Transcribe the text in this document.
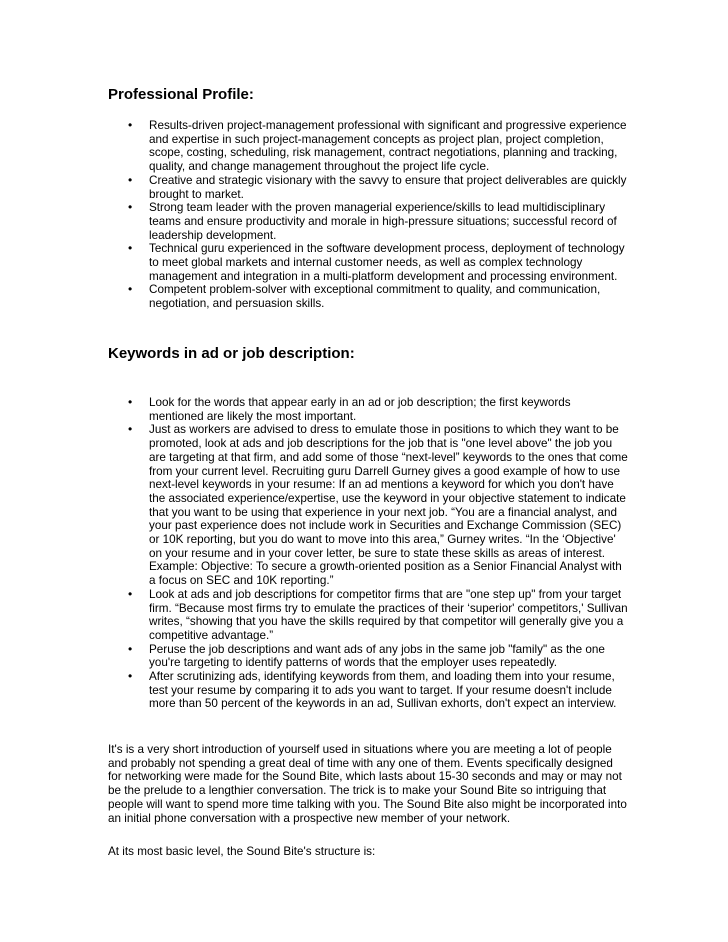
Professional Profile:
• Results-driven project-management professional with significant and progressive experience and expertise in such project-management concepts as project plan, project completion, scope, costing, scheduling, risk management, contract negotiations, planning and tracking, quality, and change management throughout the project life cycle.
• Creative and strategic visionary with the savvy to ensure that project deliverables are quickly brought to market.
• Strong team leader with the proven managerial experience/skills to lead multidisciplinary teams and ensure productivity and morale in high-pressure situations; successful record of leadership development.
• Technical guru experienced in the software development process, deployment of technology to meet global markets and internal customer needs, as well as complex technology management and integration in a multi-platform development and processing environment.
• Competent problem-solver with exceptional commitment to quality, and communication, negotiation, and persuasion skills.
Keywords in ad or job description:
• Look for the words that appear early in an ad or job description; the first keywords mentioned are likely the most important.
• Just as workers are advised to dress to emulate those in positions to which they want to be promoted, look at ads and job descriptions for the job that is "one level above" the job you are targeting at that firm, and add some of those “next-level” keywords to the ones that come from your current level. Recruiting guru Darrell Gurney gives a good example of how to use next-level keywords in your resume: If an ad mentions a keyword for which you don't have the associated experience/expertise, use the keyword in your objective statement to indicate that you want to be using that experience in your next job. “You are a financial analyst, and your past experience does not include work in Securities and Exchange Commission (SEC) or 10K reporting, but you do want to move into this area,” Gurney writes. “In the ‘Objective' on your resume and in your cover letter, be sure to state these skills as areas of interest. Example: Objective: To secure a growth-oriented position as a Senior Financial Analyst with a focus on SEC and 10K reporting.”
• Look at ads and job descriptions for competitor firms that are "one step up" from your target firm. “Because most firms try to emulate the practices of their ‘superior' competitors,' Sullivan writes, “showing that you have the skills required by that competitor will generally give you a competitive advantage.”
• Peruse the job descriptions and want ads of any jobs in the same job "family" as the one you're targeting to identify patterns of words that the employer uses repeatedly.
• After scrutinizing ads, identifying keywords from them, and loading them into your resume, test your resume by comparing it to ads you want to target. If your resume doesn't include more than 50 percent of the keywords in an ad, Sullivan exhorts, don't expect an interview.

It's is a very short introduction of yourself used in situations where you are meeting a lot of people and probably not spending a great deal of time with any one of them. Events specifically designed for networking were made for the Sound Bite, which lasts about 15-30 seconds and may or may not be the prelude to a lengthier conversation. The trick is to make your Sound Bite so intriguing that people will want to spend more time talking with you. The Sound Bite also might be incorporated into an initial phone conversation with a prospective new member of your network.

At its most basic level, the Sound Bite's structure is:
